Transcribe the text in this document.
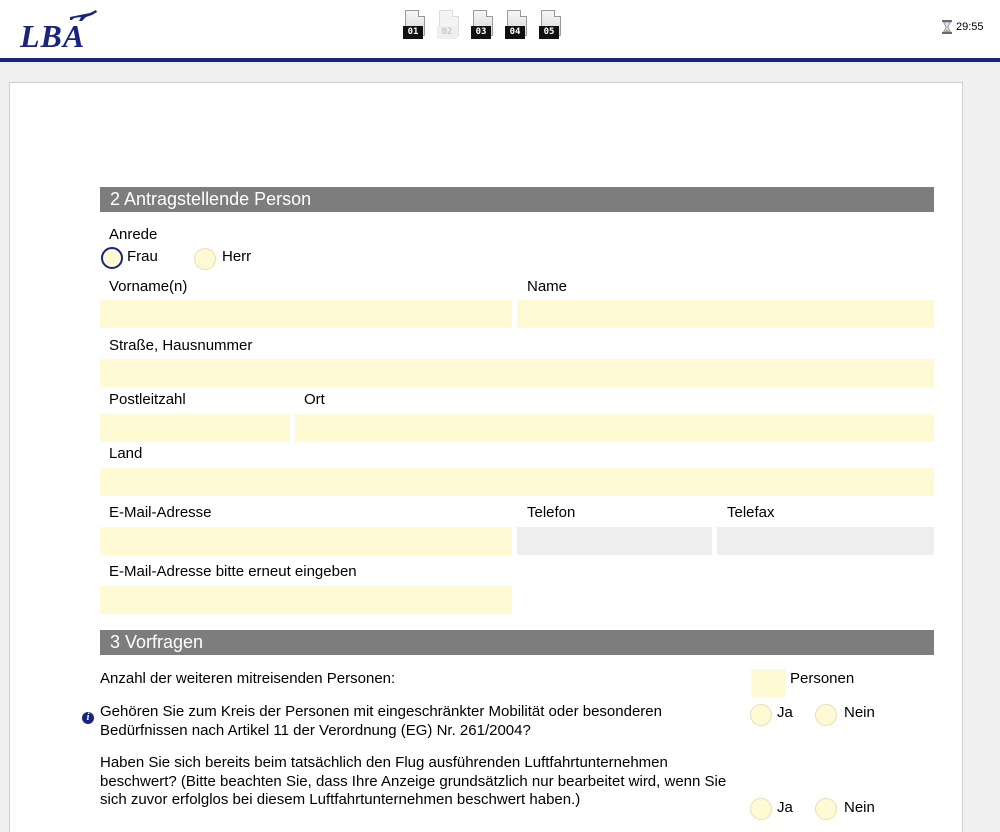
LBA	01	02	03	04	05	29:55
2 Antragstellende Person
Anrede
Frau	Herr
Vorname(n)	Name
Straße, Hausnummer
Postleitzahl	Ort
Land
E-Mail-Adresse	Telefon	Telefax
E-Mail-Adresse bitte erneut eingeben
3 Vorfragen
Anzahl der weiteren mitreisenden Personen:	Personen
i Gehören Sie zum Kreis der Personen mit eingeschränkter Mobilität oder besonderen Bedürfnissen nach Artikel 11 der Verordnung (EG) Nr. 261/2004?
Ja	Nein
Haben Sie sich bereits beim tatsächlich den Flug ausführenden Luftfahrtunternehmen beschwert? (Bitte beachten Sie, dass Ihre Anzeige grundsätzlich nur bearbeitet wird, wenn Sie sich zuvor erfolglos bei diesem Luftfahrtunternehmen beschwert haben.)	Ja	Nein
